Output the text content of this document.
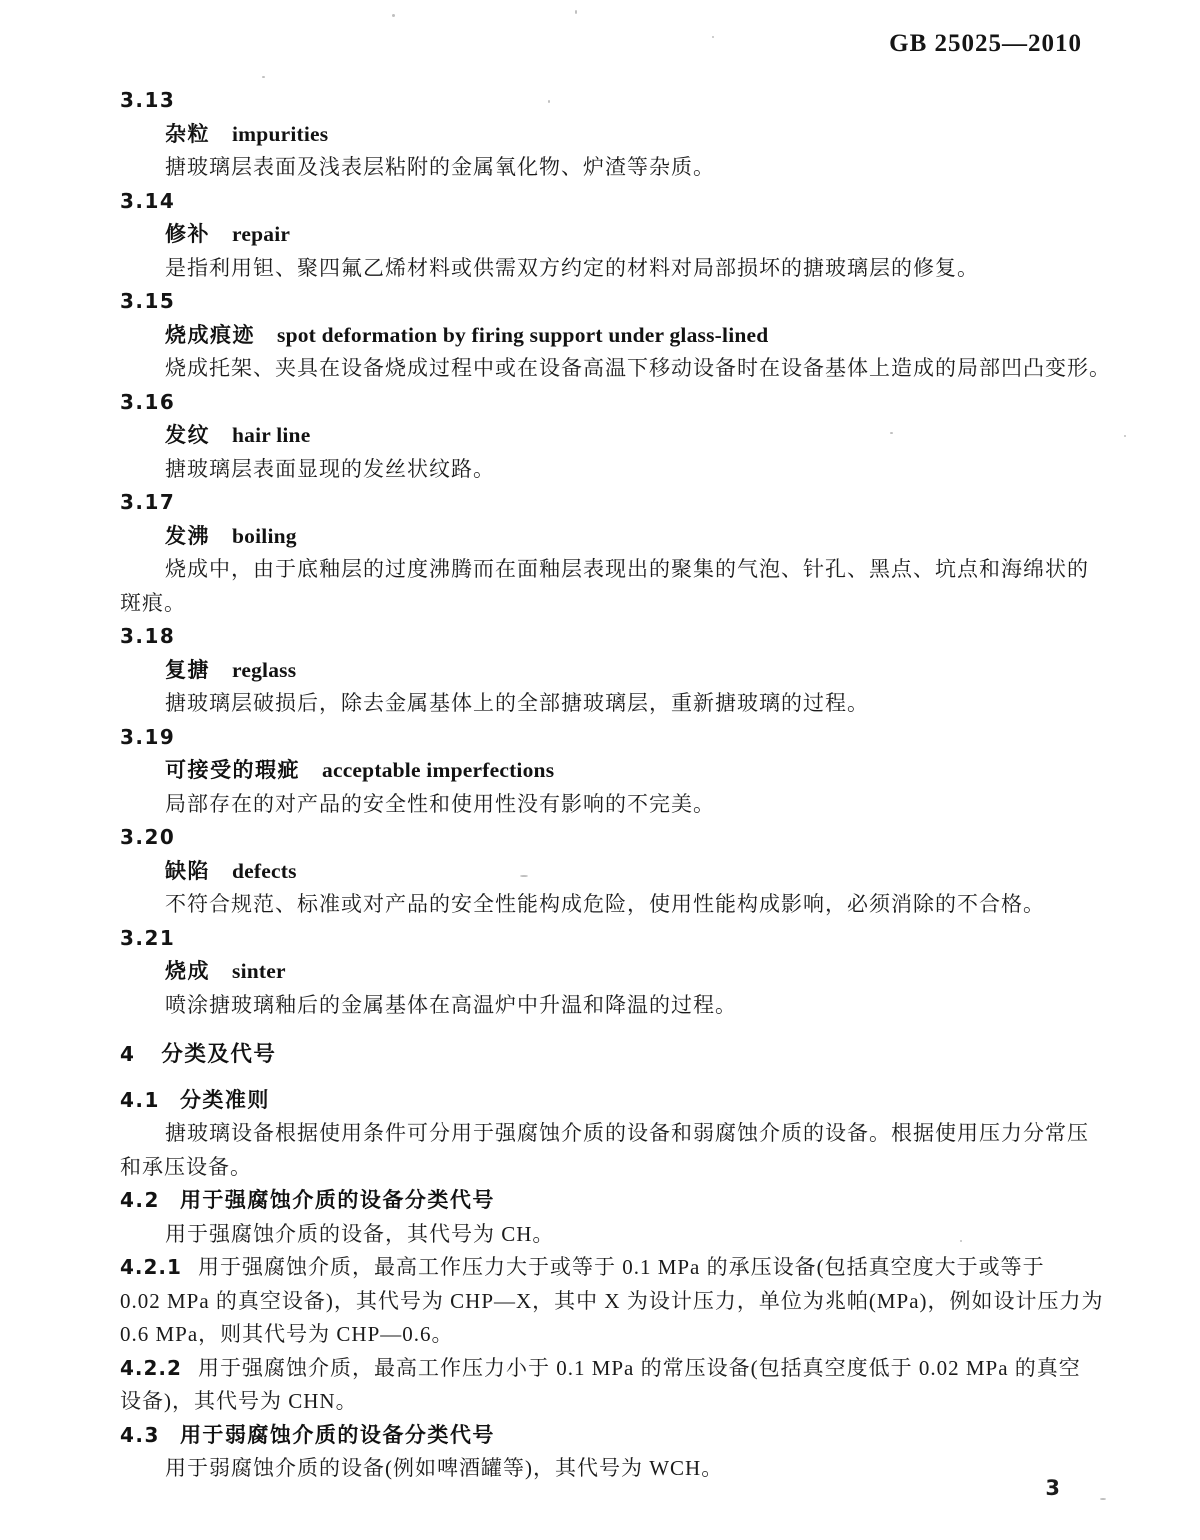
GB 25025—2010
3.13
杂粒 impurities
搪玻璃层表面及浅表层粘附的金属氧化物、炉渣等杂质。
3.14
修补 repair
是指利用钽、聚四氟乙烯材料或供需双方约定的材料对局部损坏的搪玻璃层的修复。
3.15
烧成痕迹 spot deformation by firing support under glass-lined
烧成托架、夹具在设备烧成过程中或在设备高温下移动设备时在设备基体上造成的局部凹凸变形。
3.16
发纹 hair line
搪玻璃层表面显现的发丝状纹路。
3.17
发沸 boiling
烧成中，由于底釉层的过度沸腾而在面釉层表现出的聚集的气泡、针孔、黑点、坑点和海绵状的
斑痕。
3.18
复搪 reglass
搪玻璃层破损后，除去金属基体上的全部搪玻璃层，重新搪玻璃的过程。
3.19
可接受的瑕疵 acceptable imperfections
局部存在的对产品的安全性和使用性没有影响的不完美。
3.20
缺陷 defects
不符合规范、标准或对产品的安全性能构成危险，使用性能构成影响，必须消除的不合格。
3.21
烧成 sinter
喷涂搪玻璃釉后的金属基体在高温炉中升温和降温的过程。
4 分类及代号
4.1 分类准则
搪玻璃设备根据使用条件可分用于强腐蚀介质的设备和弱腐蚀介质的设备。根据使用压力分常压
和承压设备。
4.2 用于强腐蚀介质的设备分类代号
用于强腐蚀介质的设备，其代号为 CH。
4.2.1 用于强腐蚀介质，最高工作压力大于或等于 0.1 MPa 的承压设备(包括真空度大于或等于
0.02 MPa 的真空设备)，其代号为 CHP—X，其中 X 为设计压力，单位为兆帕(MPa)，例如设计压力为
0.6 MPa，则其代号为 CHP—0.6。
4.2.2 用于强腐蚀介质，最高工作压力小于 0.1 MPa 的常压设备(包括真空度低于 0.02 MPa 的真空
设备)，其代号为 CHN。
4.3 用于弱腐蚀介质的设备分类代号
用于弱腐蚀介质的设备(例如啤酒罐等)，其代号为 WCH。
3
